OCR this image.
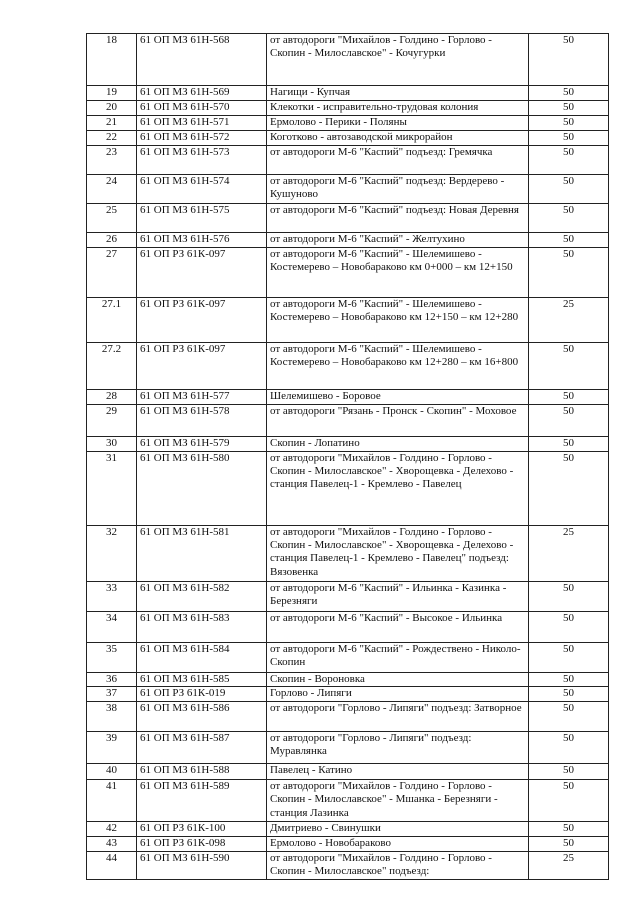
18	61 ОП МЗ 61Н-568	от автодороги "Михайлов - Голдино - Горлово - Скопин - Милославское" - Кочугурки	50
19	61 ОП МЗ 61Н-569	Нагищи - Купчая	50
20	61 ОП МЗ 61Н-570	Клекотки - исправительно-трудовая колония	50
21	61 ОП МЗ 61Н-571	Ермолово - Перики - Поляны	50
22	61 ОП МЗ 61Н-572	Коготково - автозаводской микрорайон	50
23	61 ОП МЗ 61Н-573	от автодороги М-6 "Каспий" подъезд: Гремячка	50
24	61 ОП МЗ 61Н-574	от автодороги М-6 "Каспий" подъезд: Вердерево - Кушуново	50
25	61 ОП МЗ 61Н-575	от автодороги М-6 "Каспий" подъезд: Новая Деревня	50
26	61 ОП МЗ 61Н-576	от автодороги М-6 "Каспий" - Желтухино	50
27	61 ОП РЗ 61К-097	от автодороги М-6 "Каспий" - Шелемишево - Костемерево – Новобараково км 0+000 – км 12+150	50
27.1	61 ОП РЗ 61К-097	от автодороги М-6 "Каспий" - Шелемишево - Костемерево – Новобараково км 12+150 – км 12+280	25
27.2	61 ОП РЗ 61К-097	от автодороги М-6 "Каспий" - Шелемишево - Костемерево – Новобараково км 12+280 – км 16+800	50
28	61 ОП МЗ 61Н-577	Шелемишево - Боровое	50
29	61 ОП МЗ 61Н-578	от автодороги "Рязань - Пронск - Скопин" - Моховое	50
30	61 ОП МЗ 61Н-579	Скопин - Лопатино	50
31	61 ОП МЗ 61Н-580	от автодороги "Михайлов - Голдино - Горлово - Скопин - Милославское" - Хворощевка - Делехово - станция Павелец-1 - Кремлево - Павелец	50
32	61 ОП МЗ 61Н-581	от автодороги "Михайлов - Голдино - Горлово - Скопин - Милославское" - Хворощевка - Делехово - станция Павелец-1 - Кремлево - Павелец" подъезд: Вязовенка	25
33	61 ОП МЗ 61Н-582	от автодороги М-6 "Каспий" - Ильинка - Казинка - Березняги	50
34	61 ОП МЗ 61Н-583	от автодороги М-6 "Каспий" - Высокое - Ильинка	50
35	61 ОП МЗ 61Н-584	от автодороги М-6 "Каспий" - Рождествено - Николо-Скопин	50
36	61 ОП МЗ 61Н-585	Скопин - Вороновка	50
37	61 ОП РЗ 61К-019	Горлово - Липяги	50
38	61 ОП МЗ 61Н-586	от автодороги "Горлово - Липяги" подъезд: Затворное	50
39	61 ОП МЗ 61Н-587	от автодороги "Горлово - Липяги" подъезд: Муравлянка	50
40	61 ОП МЗ 61Н-588	Павелец - Катино	50
41	61 ОП МЗ 61Н-589	от автодороги "Михайлов - Голдино - Горлово - Скопин - Милославское" - Мшанка - Березняги - станция Лазинка	50
42	61 ОП РЗ 61К-100	Дмитриево - Свинушки	50
43	61 ОП РЗ 61К-098	Ермолово - Новобараково	50
44	61 ОП МЗ 61Н-590	от автодороги "Михайлов - Голдино - Горлово - Скопин - Милославское" подъезд:	25
